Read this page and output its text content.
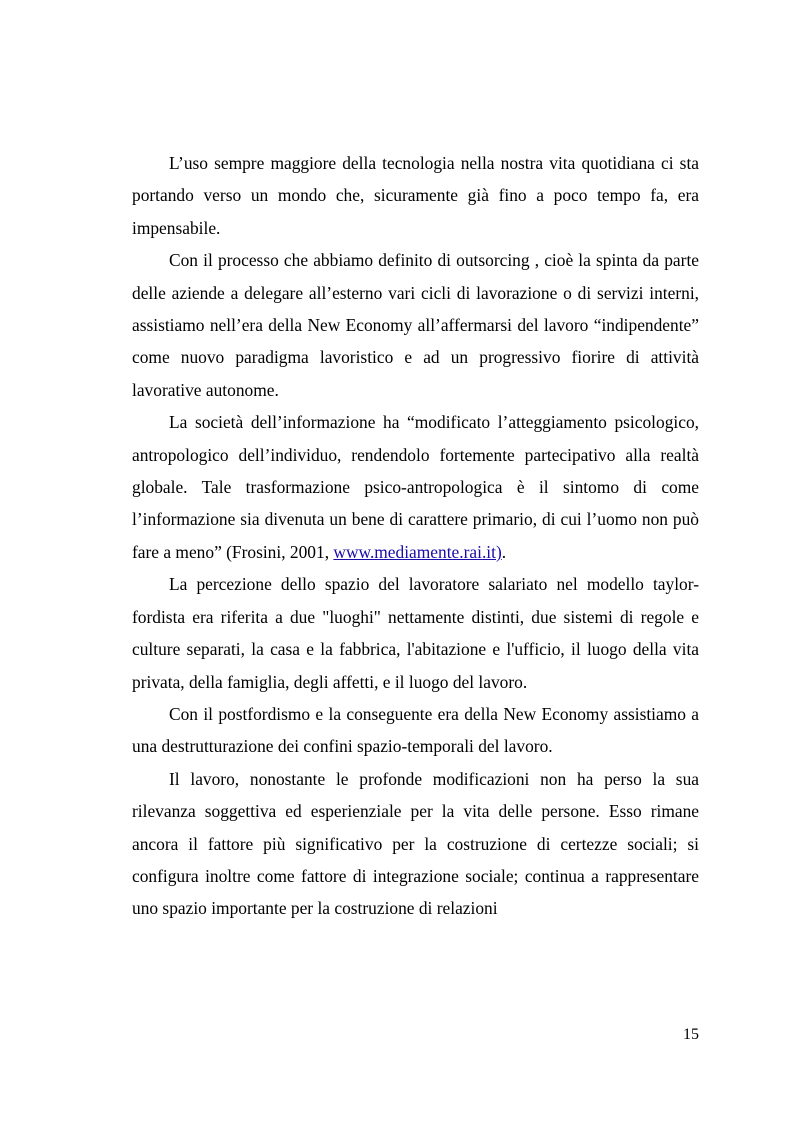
L’uso sempre maggiore della tecnologia nella nostra vita quotidiana ci sta portando verso un mondo che, sicuramente già fino a poco tempo fa, era impensabile.

Con il processo che abbiamo definito di outsorcing , cioè la spinta da parte delle aziende a delegare all’esterno vari cicli di lavorazione o di servizi interni, assistiamo nell’era della New Economy all’affermarsi del lavoro “indipendente” come nuovo paradigma lavoristico e ad un progressivo fiorire di attività lavorative autonome.

La società dell’informazione ha “modificato l’atteggiamento psicologico, antropologico dell’individuo, rendendolo fortemente partecipativo alla realtà globale. Tale trasformazione psico-antropologica è il sintomo di come l’informazione sia divenuta un bene di carattere primario, di cui l’uomo non può fare a meno” (Frosini, 2001, www.mediamente.rai.it).

La percezione dello spazio del lavoratore salariato nel modello taylor-fordista era riferita a due "luoghi" nettamente distinti, due sistemi di regole e culture separati, la casa e la fabbrica, l'abitazione e l'ufficio, il luogo della vita privata, della famiglia, degli affetti, e il luogo del lavoro.

Con il postfordismo e la conseguente era della New Economy assistiamo a una destrutturazione dei confini spazio-temporali del lavoro.

Il lavoro, nonostante le profonde modificazioni non ha perso la sua rilevanza soggettiva ed esperienziale per la vita delle persone. Esso rimane ancora il fattore più significativo per la costruzione di certezze sociali; si configura inoltre come fattore di integrazione sociale; continua a rappresentare uno spazio importante per la costruzione di relazioni

15
